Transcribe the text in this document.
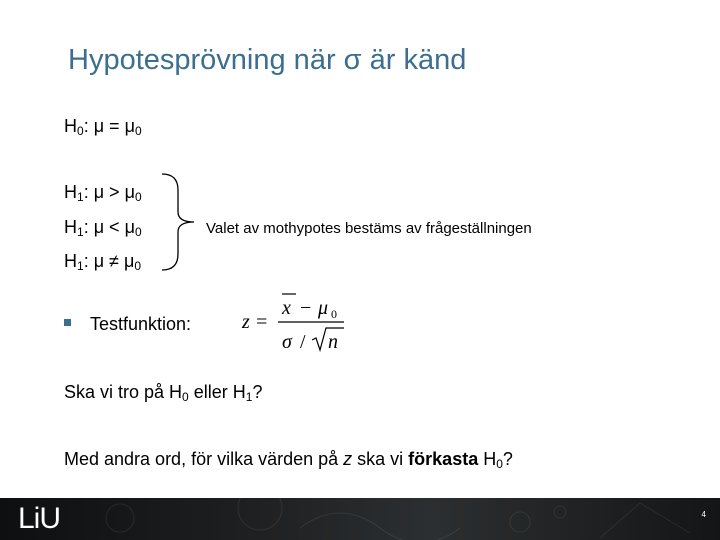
Hypotesprövning när σ är känd
$H_0$: $\mu = \mu_0$
$H_1$: $\mu > \mu_0$
$H_1$: $\mu < \mu_0$
$H_1$: $\mu \ne \mu_0$
Valet av mothypotes bestäms av frågeställningen
Testfunktion:	z =
x − μ 0
σ / n
Ska vi tro på $H_0$ eller $H_1$?
Med andra ord, för vilka värden på z ska vi förkasta $H_0$?
LiU	4
